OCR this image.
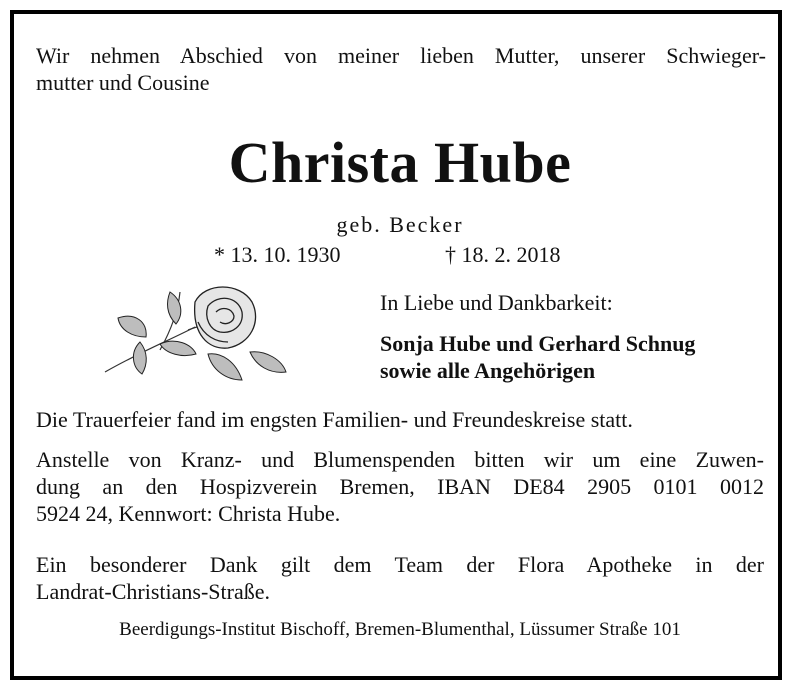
Wir nehmen Abschied von meiner lieben Mutter, unserer Schwieger-
mutter und Cousine
Christa Hube
geb. Becker
* 13. 10. 1930	† 18. 2. 2018
In Liebe und Dankbarkeit:
Sonja Hube und Gerhard Schnug
sowie alle Angehörigen
Die Trauerfeier fand im engsten Familien- und Freundeskreise statt.
Anstelle von Kranz- und Blumenspenden bitten wir um eine Zuwen-
dung an den Hospizverein Bremen, IBAN DE84 2905 0101 0012
5924 24, Kennwort: Christa Hube.
Ein besonderer Dank gilt dem Team der Flora Apotheke in der
Landrat-Christians-Straße.
Beerdigungs-Institut Bischoff, Bremen-Blumenthal, Lüssumer Straße 101
